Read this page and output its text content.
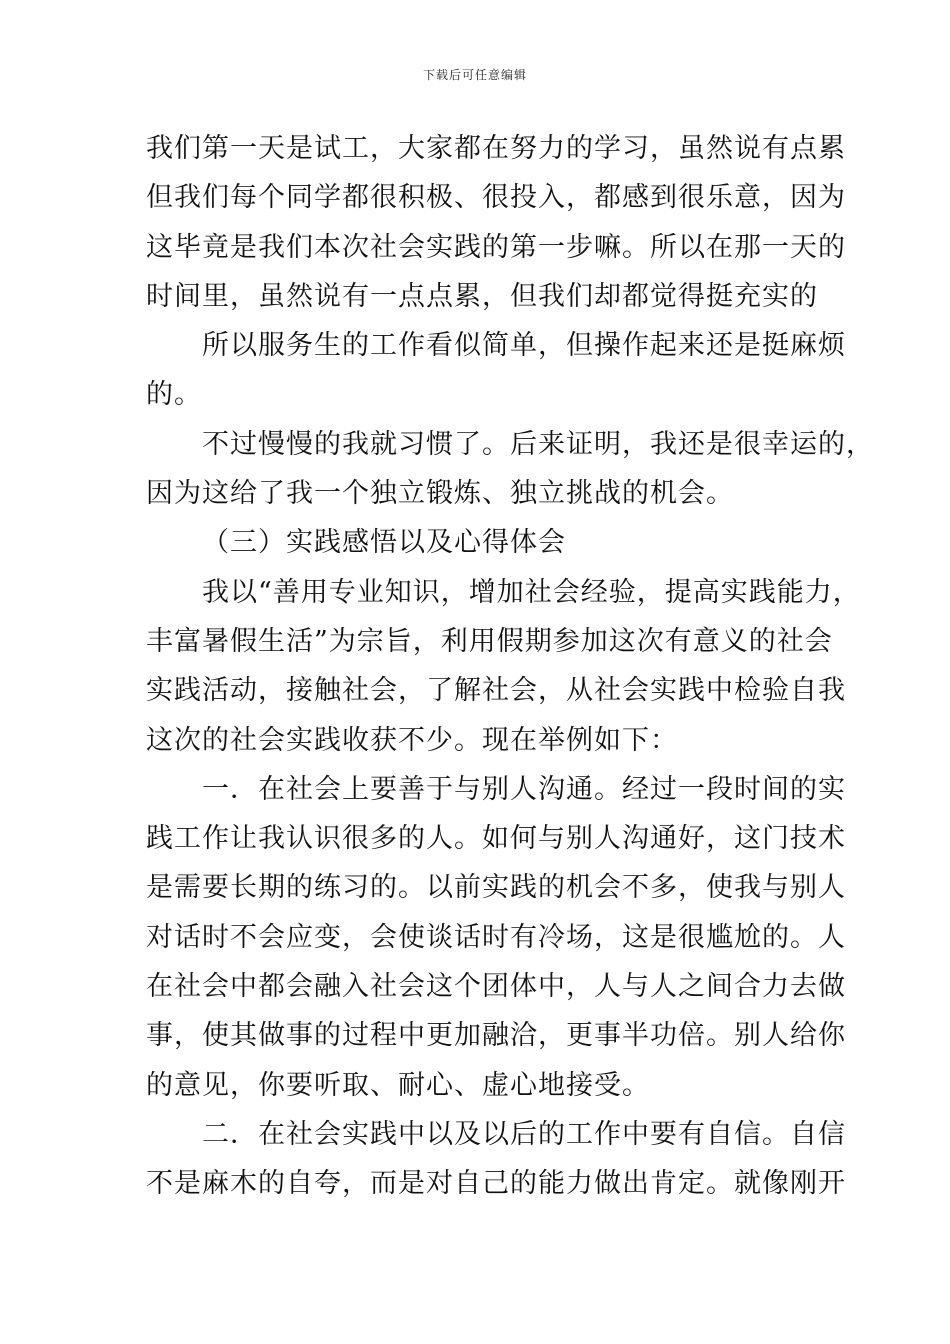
下载后可任意编辑
我们第一天是试工，大家都在努力的学习，虽然说有点累
但我们每个同学都很积极、很投入，都感到很乐意，因为
这毕竟是我们本次社会实践的第一步嘛。所以在那一天的
时间里，虽然说有一点点累，但我们却都觉得挺充实的
所以服务生的工作看似简单，但操作起来还是挺麻烦
的。
不过慢慢的我就习惯了。后来证明，我还是很幸运的，
因为这给了我一个独立锻炼、独立挑战的机会。
（三）实践感悟以及心得体会
我以“善用专业知识，增加社会经验，提高实践能力，
丰富暑假生活”为宗旨，利用假期参加这次有意义的社会
实践活动，接触社会，了解社会，从社会实践中检验自我
这次的社会实践收获不少。现在举例如下：
一．在社会上要善于与别人沟通。经过一段时间的实
践工作让我认识很多的人。如何与别人沟通好，这门技术
是需要长期的练习的。以前实践的机会不多，使我与别人
对话时不会应变，会使谈话时有冷场，这是很尴尬的。人
在社会中都会融入社会这个团体中，人与人之间合力去做
事，使其做事的过程中更加融洽，更事半功倍。别人给你
的意见，你要听取、耐心、虚心地接受。
二．在社会实践中以及以后的工作中要有自信。自信
不是麻木的自夸，而是对自己的能力做出肯定。就像刚开
